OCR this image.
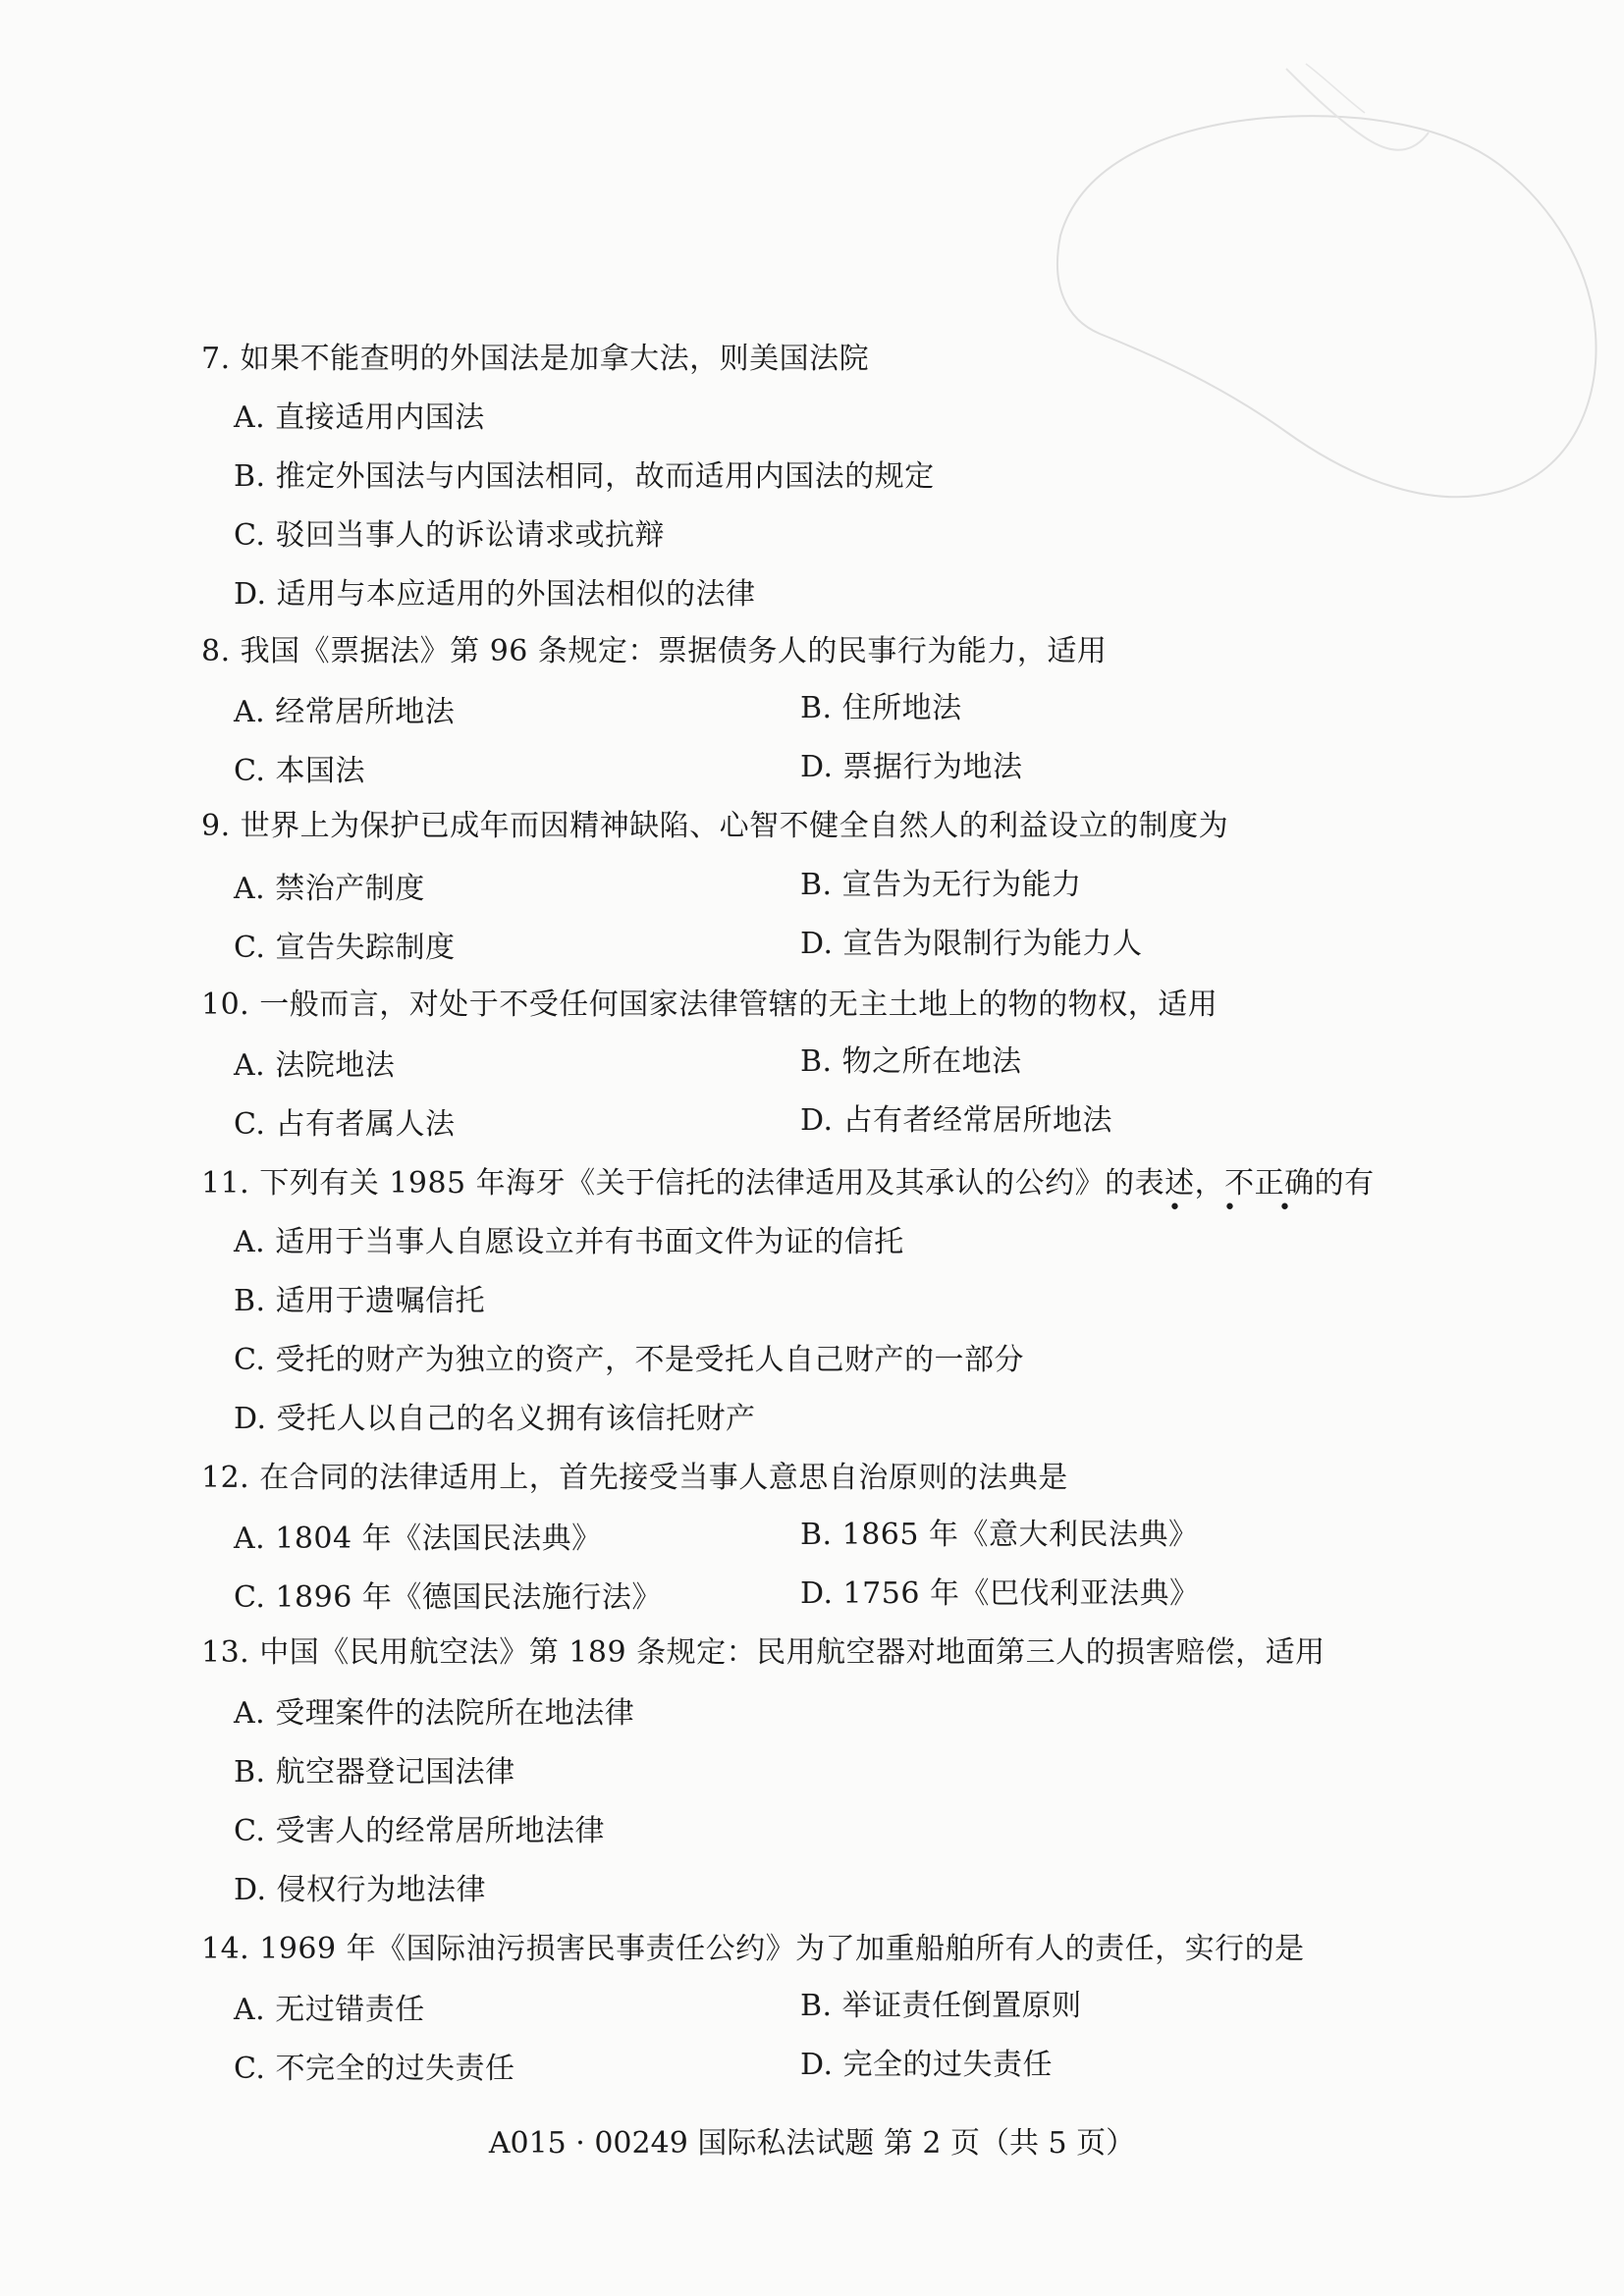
7. 如果不能查明的外国法是加拿大法，则美国法院
A. 直接适用内国法
B. 推定外国法与内国法相同，故而适用内国法的规定
C. 驳回当事人的诉讼请求或抗辩
D. 适用与本应适用的外国法相似的法律
8. 我国《票据法》第 96 条规定：票据债务人的民事行为能力，适用
A. 经常居所地法	B. 住所地法
C. 本国法	D. 票据行为地法
9. 世界上为保护已成年而因精神缺陷、心智不健全自然人的利益设立的制度为
A. 禁治产制度	B. 宣告为无行为能力
C. 宣告失踪制度	D. 宣告为限制行为能力人
10. 一般而言，对处于不受任何国家法律管辖的无主土地上的物的物权，适用
A. 法院地法	B. 物之所在地法
C. 占有者属人法	D. 占有者经常居所地法
11. 下列有关 1985 年海牙《关于信托的法律适用及其承认的公约》的表述，不正确的有
• • •
A. 适用于当事人自愿设立并有书面文件为证的信托
B. 适用于遗嘱信托
C. 受托的财产为独立的资产，不是受托人自己财产的一部分
D. 受托人以自己的名义拥有该信托财产
12. 在合同的法律适用上，首先接受当事人意思自治原则的法典是
A. 1804 年《法国民法典》	B. 1865 年《意大利民法典》
C. 1896 年《德国民法施行法》	D. 1756 年《巴伐利亚法典》
13. 中国《民用航空法》第 189 条规定：民用航空器对地面第三人的损害赔偿，适用
A. 受理案件的法院所在地法律
B. 航空器登记国法律
C. 受害人的经常居所地法律
D. 侵权行为地法律
14. 1969 年《国际油污损害民事责任公约》为了加重船舶所有人的责任，实行的是
A. 无过错责任	B. 举证责任倒置原则
C. 不完全的过失责任	D. 完全的过失责任
A015 · 00249 国际私法试题 第 2 页（共 5 页）
